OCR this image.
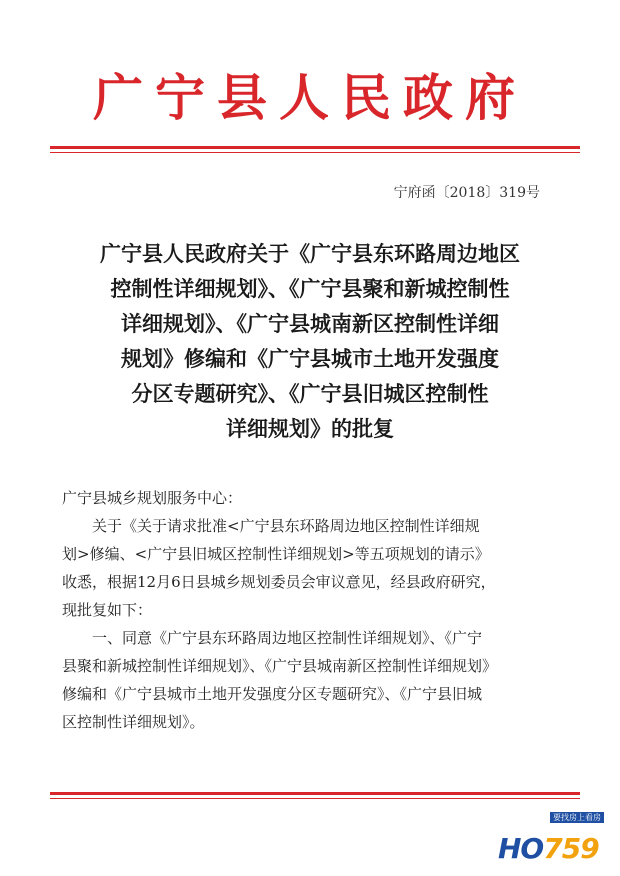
广宁县人民政府
宁府函〔2018〕319号
广宁县人民政府关于《广宁县东环路周边地区
控制性详细规划》、《广宁县聚和新城控制性
详细规划》、《广宁县城南新区控制性详细
规划》修编和《广宁县城市土地开发强度
分区专题研究》、《广宁县旧城区控制性
详细规划》的批复
广宁县城乡规划服务中心：
关于《关于请求批准<广宁县东环路周边地区控制性详细规
划>修编、<广宁县旧城区控制性详细规划>等五项规划的请示》
收悉，根据12月6日县城乡规划委员会审议意见，经县政府研究，
现批复如下：
一、同意《广宁县东环路周边地区控制性详细规划》、《广宁
县聚和新城控制性详细规划》、《广宁县城南新区控制性详细规划》
修编和《广宁县城市土地开发强度分区专题研究》、《广宁县旧城
区控制性详细规划》。
要找房上看房
HO759
